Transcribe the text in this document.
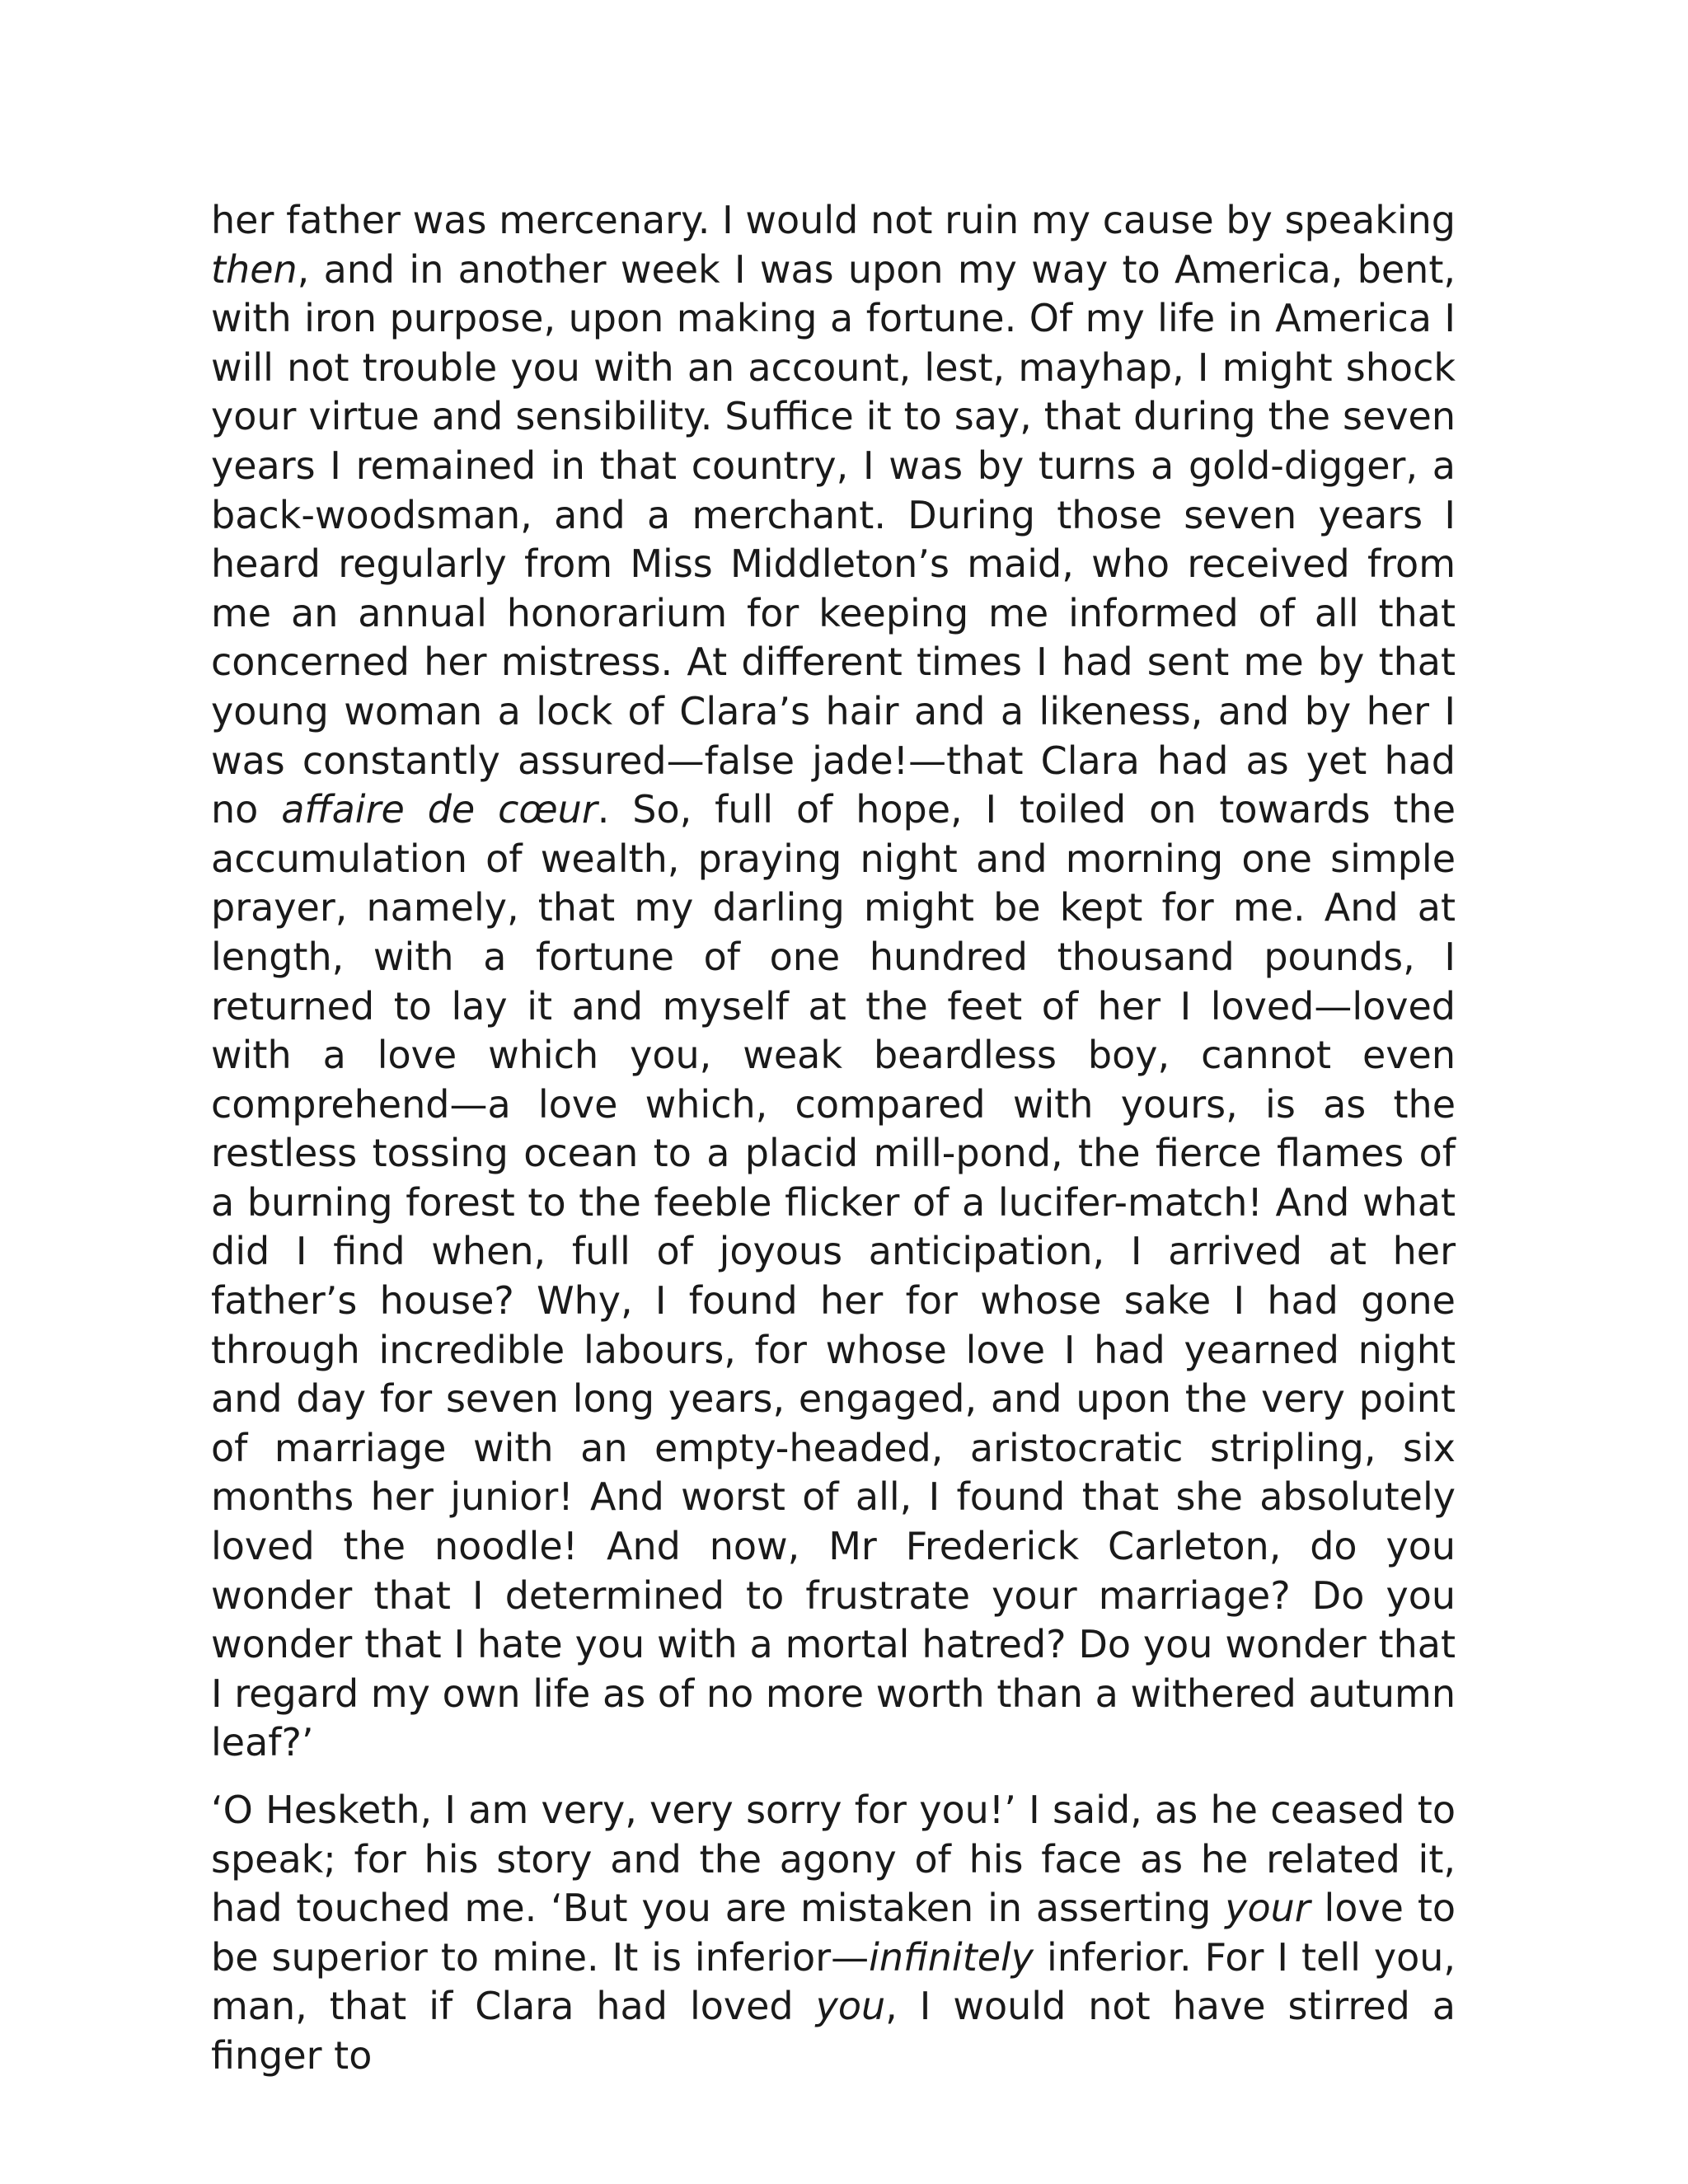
her father was mercenary. I would not ruin my cause by speaking then, and in another week I was upon my way to America, bent, with iron purpose, upon making a fortune. Of my life in America I will not trouble you with an account, lest, mayhap, I might shock your virtue and sensibility. Suffice it to say, that during the seven years I remained in that country, I was by turns a gold-digger, a back-woodsman, and a merchant. During those seven years I heard regularly from Miss Middleton’s maid, who received from me an annual honorarium for keeping me informed of all that concerned her mistress. At different times I had sent me by that young woman a lock of Clara’s hair and a likeness, and by her I was constantly assured—false jade!—that Clara had as yet had no affaire de cœur. So, full of hope, I toiled on towards the accumulation of wealth, praying night and morning one simple prayer, namely, that my darling might be kept for me. And at length, with a fortune of one hundred thousand pounds, I returned to lay it and myself at the feet of her I loved—loved with a love which you, weak beardless boy, cannot even comprehend—a love which, compared with yours, is as the restless tossing ocean to a placid mill-pond, the fierce flames of a burning forest to the feeble flicker of a lucifer-match! And what did I find when, full of joyous anticipation, I arrived at her father’s house? Why, I found her for whose sake I had gone through incredible labours, for whose love I had yearned night and day for seven long years, engaged, and upon the very point of marriage with an empty-headed, aristocratic stripling, six months her junior! And worst of all, I found that she absolutely loved the noodle! And now, Mr Frederick Carleton, do you wonder that I determined to frustrate your marriage? Do you wonder that I hate you with a mortal hatred? Do you wonder that I regard my own life as of no more worth than a withered autumn leaf?’

‘O Hesketh, I am very, very sorry for you!’ I said, as he ceased to speak; for his story and the agony of his face as he related it, had touched me. ‘But you are mistaken in asserting your love to be superior to mine. It is inferior—infinitely inferior. For I tell you, man, that if Clara had loved you, I would not have stirred a finger to
